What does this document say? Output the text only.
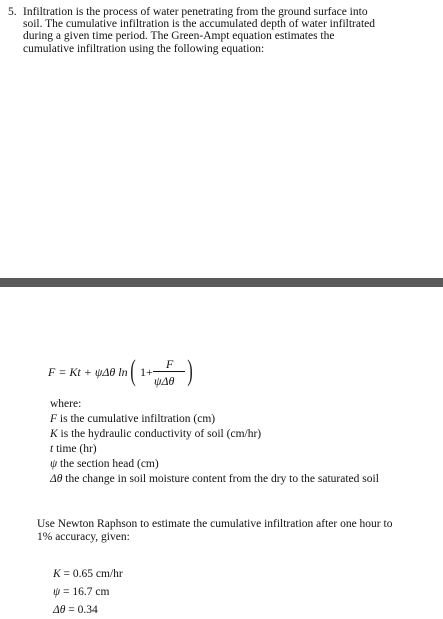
5. Infiltration is the process of water penetrating from the ground surface into
soil. The cumulative infiltration is the accumulated depth of water infiltrated
during a given time period. The Green-Ampt equation estimates the
cumulative infiltration using the following equation:
F = Kt + ψΔθ ln ( 1+
F
ψΔθ )
where:
F is the cumulative infiltration (cm)
K is the hydraulic conductivity of soil (cm/hr)
t time (hr)
ψ the section head (cm)
Δθ the change in soil moisture content from the dry to the saturated soil
Use Newton Raphson to estimate the cumulative infiltration after one hour to
1% accuracy, given:
K = 0.65 cm/hr
ψ = 16.7 cm
Δθ = 0.34
